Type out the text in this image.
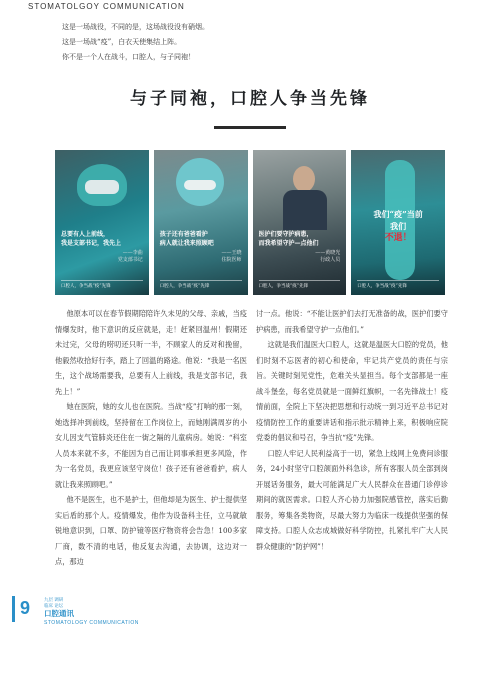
STOMATOLGOY COMMUNICATION
这是一场战役，不同的是，这场战役没有硝烟。
这是一场战“疫”，白衣天使集结上阵。
你不是一个人在战斗，口腔人，与子同袍！
与子同袍，口腔人争当先锋
总要有人上前线，
我是支部书记，我先上
——李曲
党支部书记
口腔人，争当战“疫”先锋
孩子还有爸爸看护
病人就让我来照顾吧
——王晓
住院医师
口腔人，争当战“疫”先锋
医护们要守护病患，
而我希望守护—点他们
——黄晓光
行政人员
口腔人，争当战“疫”先锋
我们“疫”当前
我们
不退！
口腔人，争当战“疫”先锋

他原本可以在春节假期陪陪许久未见的父母、亲戚，当疫情爆发时，他下意识的反应就是，走！赶紧回温州！假期还未过完，父母的唠叨还只听一半，不顾家人的反对和挽留，他毅然收拾好行李，踏上了回温的路途。他说：“我是一名医生，这个战场需要我，总要有人上前线，我是支部书记，我先上！”

她在医院，她的女儿也在医院。当战“疫”打响的那一刻，她选择冲到前线，坚持留在工作岗位上，而她刚满周岁的小女儿因支气管肺炎还住在一街之隔的儿童病房。她说：“科室人员本来就不多，不能因为自己而让同事承担更多风险，作为一名党员，我更应该坚守岗位！孩子还有爸爸看护，病人就让我来照顾吧。”

他不是医生，也不是护士，但他却是为医生、护士提供坚实后盾的那个人。疫情爆发，他作为设备科主任，立马就敏锐地意识到，口罩、防护镜等医疗物资将会告急！100多家厂商，数不清的电话，他反复去沟通，去协调，这边对一点，那边

讨一点。他说：“不能让医护们去打无准备的战，医护们要守护病患，而我希望守护一点他们。”

这就是我们温医大口腔人，这就是温医大口腔的党员，他们时刻不忘医者的初心和使命，牢记共产党员的责任与宗旨。关键时刻见党性，危难关头显担当。每个支部都是一座战斗堡垒，每名党员就是一面鲜红旗帜，一名先锋战士！疫情前面，全院上下坚决把思想和行动统一到习近平总书记对疫情防控工作的重要讲话和指示批示精神上来，积极响应院党委的倡议和号召，争当抗“疫”先锋。

口腔人牢记人民利益高于一切，紧急上线网上免费问诊服务，24小时坚守口腔颌面外科急诊，所有客服人员全部到岗开展话务服务，最大可能满足广大人民群众在普通门诊停诊期间的就医需求。口腔人齐心协力加强院感管控，落实后勤服务，筹集各类物资，尽最大努力为临床一线提供坚强的保障支持。口腔人众志成城做好科学防控，扎紧扎牢广大人民群众健康的“防护网”！

9	九层 调研
临床 论坛
口腔通讯
STOMATOLOGY COMMUNICATION
